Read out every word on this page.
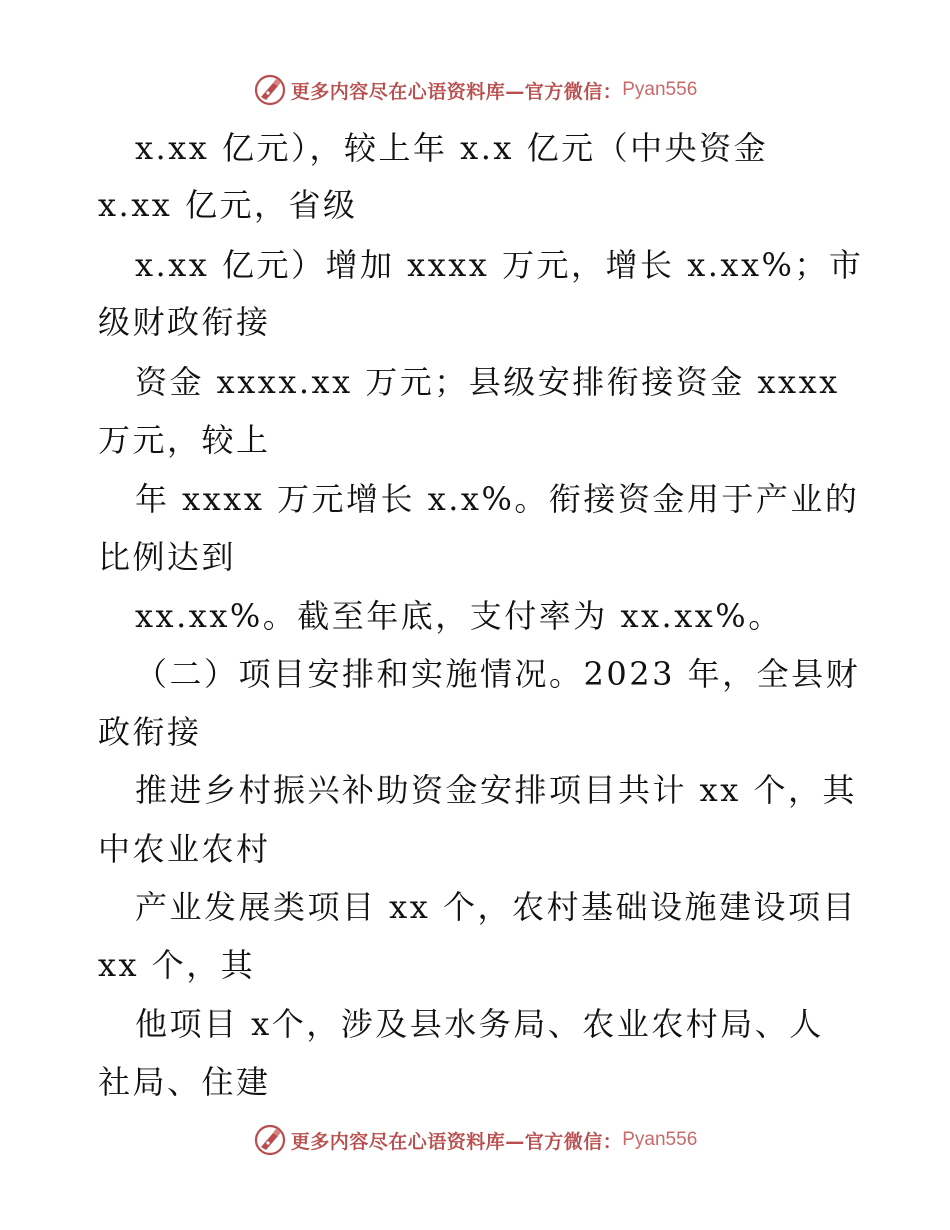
更多内容尽在心语资料库—官方微信： Pyan556
x.xx 亿元），较上年 x.x 亿元（中央资金
x.xx 亿元，省级
x.xx 亿元）增加 xxxx 万元，增长 x.xx%；市
级财政衔接
资金 xxxx.xx 万元；县级安排衔接资金 xxxx
万元，较上
年 xxxx 万元增长 x.x%。衔接资金用于产业的
比例达到
xx.xx%。截至年底，支付率为 xx.xx%。
（二）项目安排和实施情况。2023 年，全县财
政衔接
推进乡村振兴补助资金安排项目共计 xx 个，其
中农业农村
产业发展类项目 xx 个，农村基础设施建设项目
xx 个，其
他项目 x个，涉及县水务局、农业农村局、人
社局、住建
更多内容尽在心语资料库—官方微信： Pyan556
